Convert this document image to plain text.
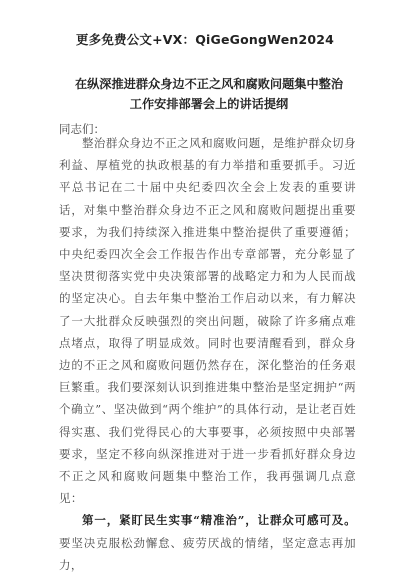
更多免费公文+VX：QiGeGongWen2024
在纵深推进群众身边不正之风和腐败问题集中整治工作安排部署会上的讲话提纲
同志们：

整治群众身边不正之风和腐败问题，是维护群众切身利益、厚植党的执政根基的有力举措和重要抓手。习近平总书记在二十届中央纪委四次全会上发表的重要讲话，对集中整治群众身边不正之风和腐败问题提出重要要求，为我们持续深入推进集中整治提供了重要遵循；中央纪委四次全会工作报告作出专章部署，充分彰显了坚决贯彻落实党中央决策部署的战略定力和为人民而战的坚定决心。自去年集中整治工作启动以来，有力解决了一大批群众反映强烈的突出问题，破除了许多痛点难点堵点，取得了明显成效。同时也要清醒看到，群众身边的不正之风和腐败问题仍然存在，深化整治的任务艰巨繁重。我们要深刻认识到推进集中整治是坚定拥护“两个确立”、坚决做到“两个维护”的具体行动，是让老百姓得实惠、我们党得民心的大事要事，必须按照中央部署要求，坚定不移向纵深推进对于进一步看抓好群众身边不正之风和腐败问题集中整治工作，我再强调几点意见：

第一，紧盯民生实事“精准治”，让群众可感可及。要坚决克服松劲懈怠、疲劳厌战的情绪，坚定意志再加力，
